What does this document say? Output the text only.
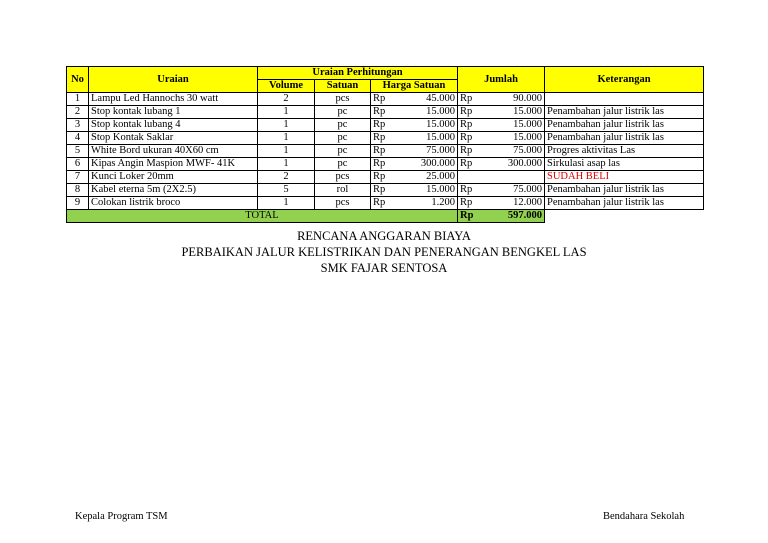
No	Uraian	Uraian Perhitungan			Jumlah	Keterangan
		Volume	Satuan	Harga Satuan		
1	Lampu Led Hannochs 30 watt	2	pcs	Rp 45.000	Rp 90.000	

2	Stop kontak lubang 1	1	pc	Rp 15.000	Rp 15.000	Penambahan jalur listrik las
3	Stop kontak lubang 4	1	pc	Rp 15.000	Rp 15.000	Penambahan jalur listrik las
4	Stop Kontak Saklar	1	pc	Rp 15.000	Rp 15.000	Penambahan jalur listrik las
5	White Bord ukuran 40X60 cm	1	pc	Rp 75.000	Rp 75.000	Progres aktivitas Las
6	Kipas Angin Maspion MWF- 41K	1	pc	Rp 300.000	Rp 300.000	Sirkulasi asap las
7	Kunci Loker 20mm	2	pcs	Rp 25.000		SUDAH BELI
8	Kabel eterna 5m (2X2.5)	5	rol	Rp 15.000	Rp 75.000	Penambahan jalur listrik las
9	Colokan listrik broco	1	pcs	Rp 1.200	Rp 12.000	Penambahan jalur listrik las
TOTAL					Rp 597.000	

RENCANA ANGGARAN BIAYA
PERBAIKAN JALUR KELISTRIKAN DAN PENERANGAN BENGKEL LAS
SMK FAJAR SENTOSA
Kepala Program TSM	Bendahara Sekolah
